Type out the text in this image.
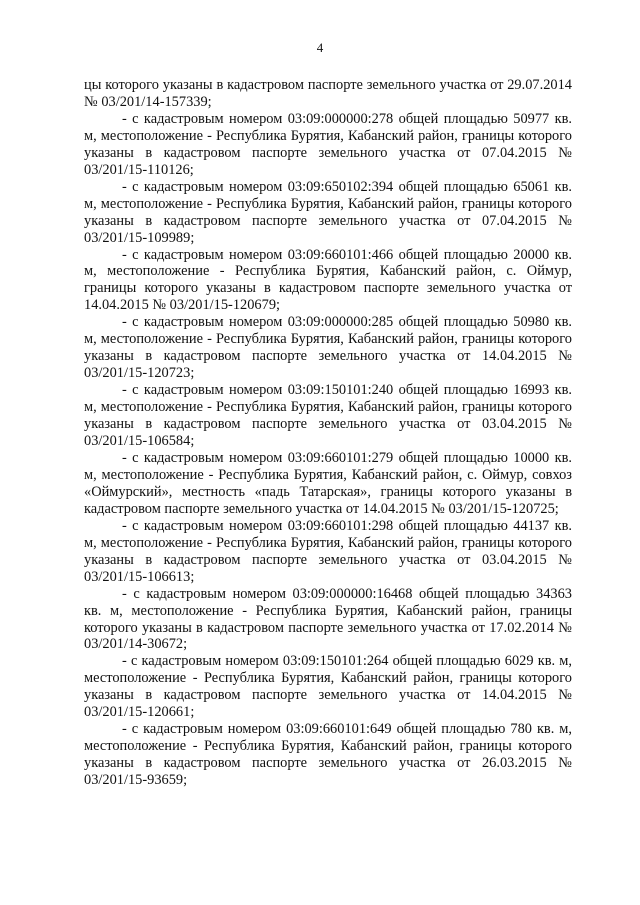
4

цы которого указаны в кадастровом паспорте земельного участка от 29.07.2014 № 03/201/14-157339;

- с кадастровым номером 03:09:000000:278 общей площадью 50977 кв. м, местоположение - Республика Бурятия, Кабанский район, границы которого указаны в кадастровом паспорте земельного участка от 07.04.2015 № 03/201/15-110126;

- с кадастровым номером 03:09:650102:394 общей площадью 65061 кв. м, местоположение - Республика Бурятия, Кабанский район, границы которого указаны в кадастровом паспорте земельного участка от 07.04.2015 № 03/201/15-109989;

- с кадастровым номером 03:09:660101:466 общей площадью 20000 кв. м, местоположение - Республика Бурятия, Кабанский район, с. Оймур, границы которого указаны в кадастровом паспорте земельного участка от 14.04.2015 № 03/201/15-120679;

- с кадастровым номером 03:09:000000:285 общей площадью 50980 кв. м, местоположение - Республика Бурятия, Кабанский район, границы которого указаны в кадастровом паспорте земельного участка от 14.04.2015 № 03/201/15-120723;

- с кадастровым номером 03:09:150101:240 общей площадью 16993 кв. м, местоположение - Республика Бурятия, Кабанский район, границы которого указаны в кадастровом паспорте земельного участка от 03.04.2015 № 03/201/15-106584;

- с кадастровым номером 03:09:660101:279 общей площадью 10000 кв. м, местоположение - Республика Бурятия, Кабанский район, с. Оймур, совхоз «Оймурский», местность «падь Татарская», границы которого указаны в кадастровом паспорте земельного участка от 14.04.2015 № 03/201/15-120725;

- с кадастровым номером 03:09:660101:298 общей площадью 44137 кв. м, местоположение - Республика Бурятия, Кабанский район, границы которого указаны в кадастровом паспорте земельного участка от 03.04.2015 № 03/201/15-106613;

- с кадастровым номером 03:09:000000:16468 общей площадью 34363 кв. м, местоположение - Республика Бурятия, Кабанский район, границы которого указаны в кадастровом паспорте земельного участка от 17.02.2014 № 03/201/14-30672;

- с кадастровым номером 03:09:150101:264 общей площадью 6029 кв. м, местоположение - Республика Бурятия, Кабанский район, границы которого указаны в кадастровом паспорте земельного участка от 14.04.2015 № 03/201/15-120661;

- с кадастровым номером 03:09:660101:649 общей площадью 780 кв. м, местоположение - Республика Бурятия, Кабанский район, границы которого указаны в кадастровом паспорте земельного участка от 26.03.2015 № 03/201/15-93659;
